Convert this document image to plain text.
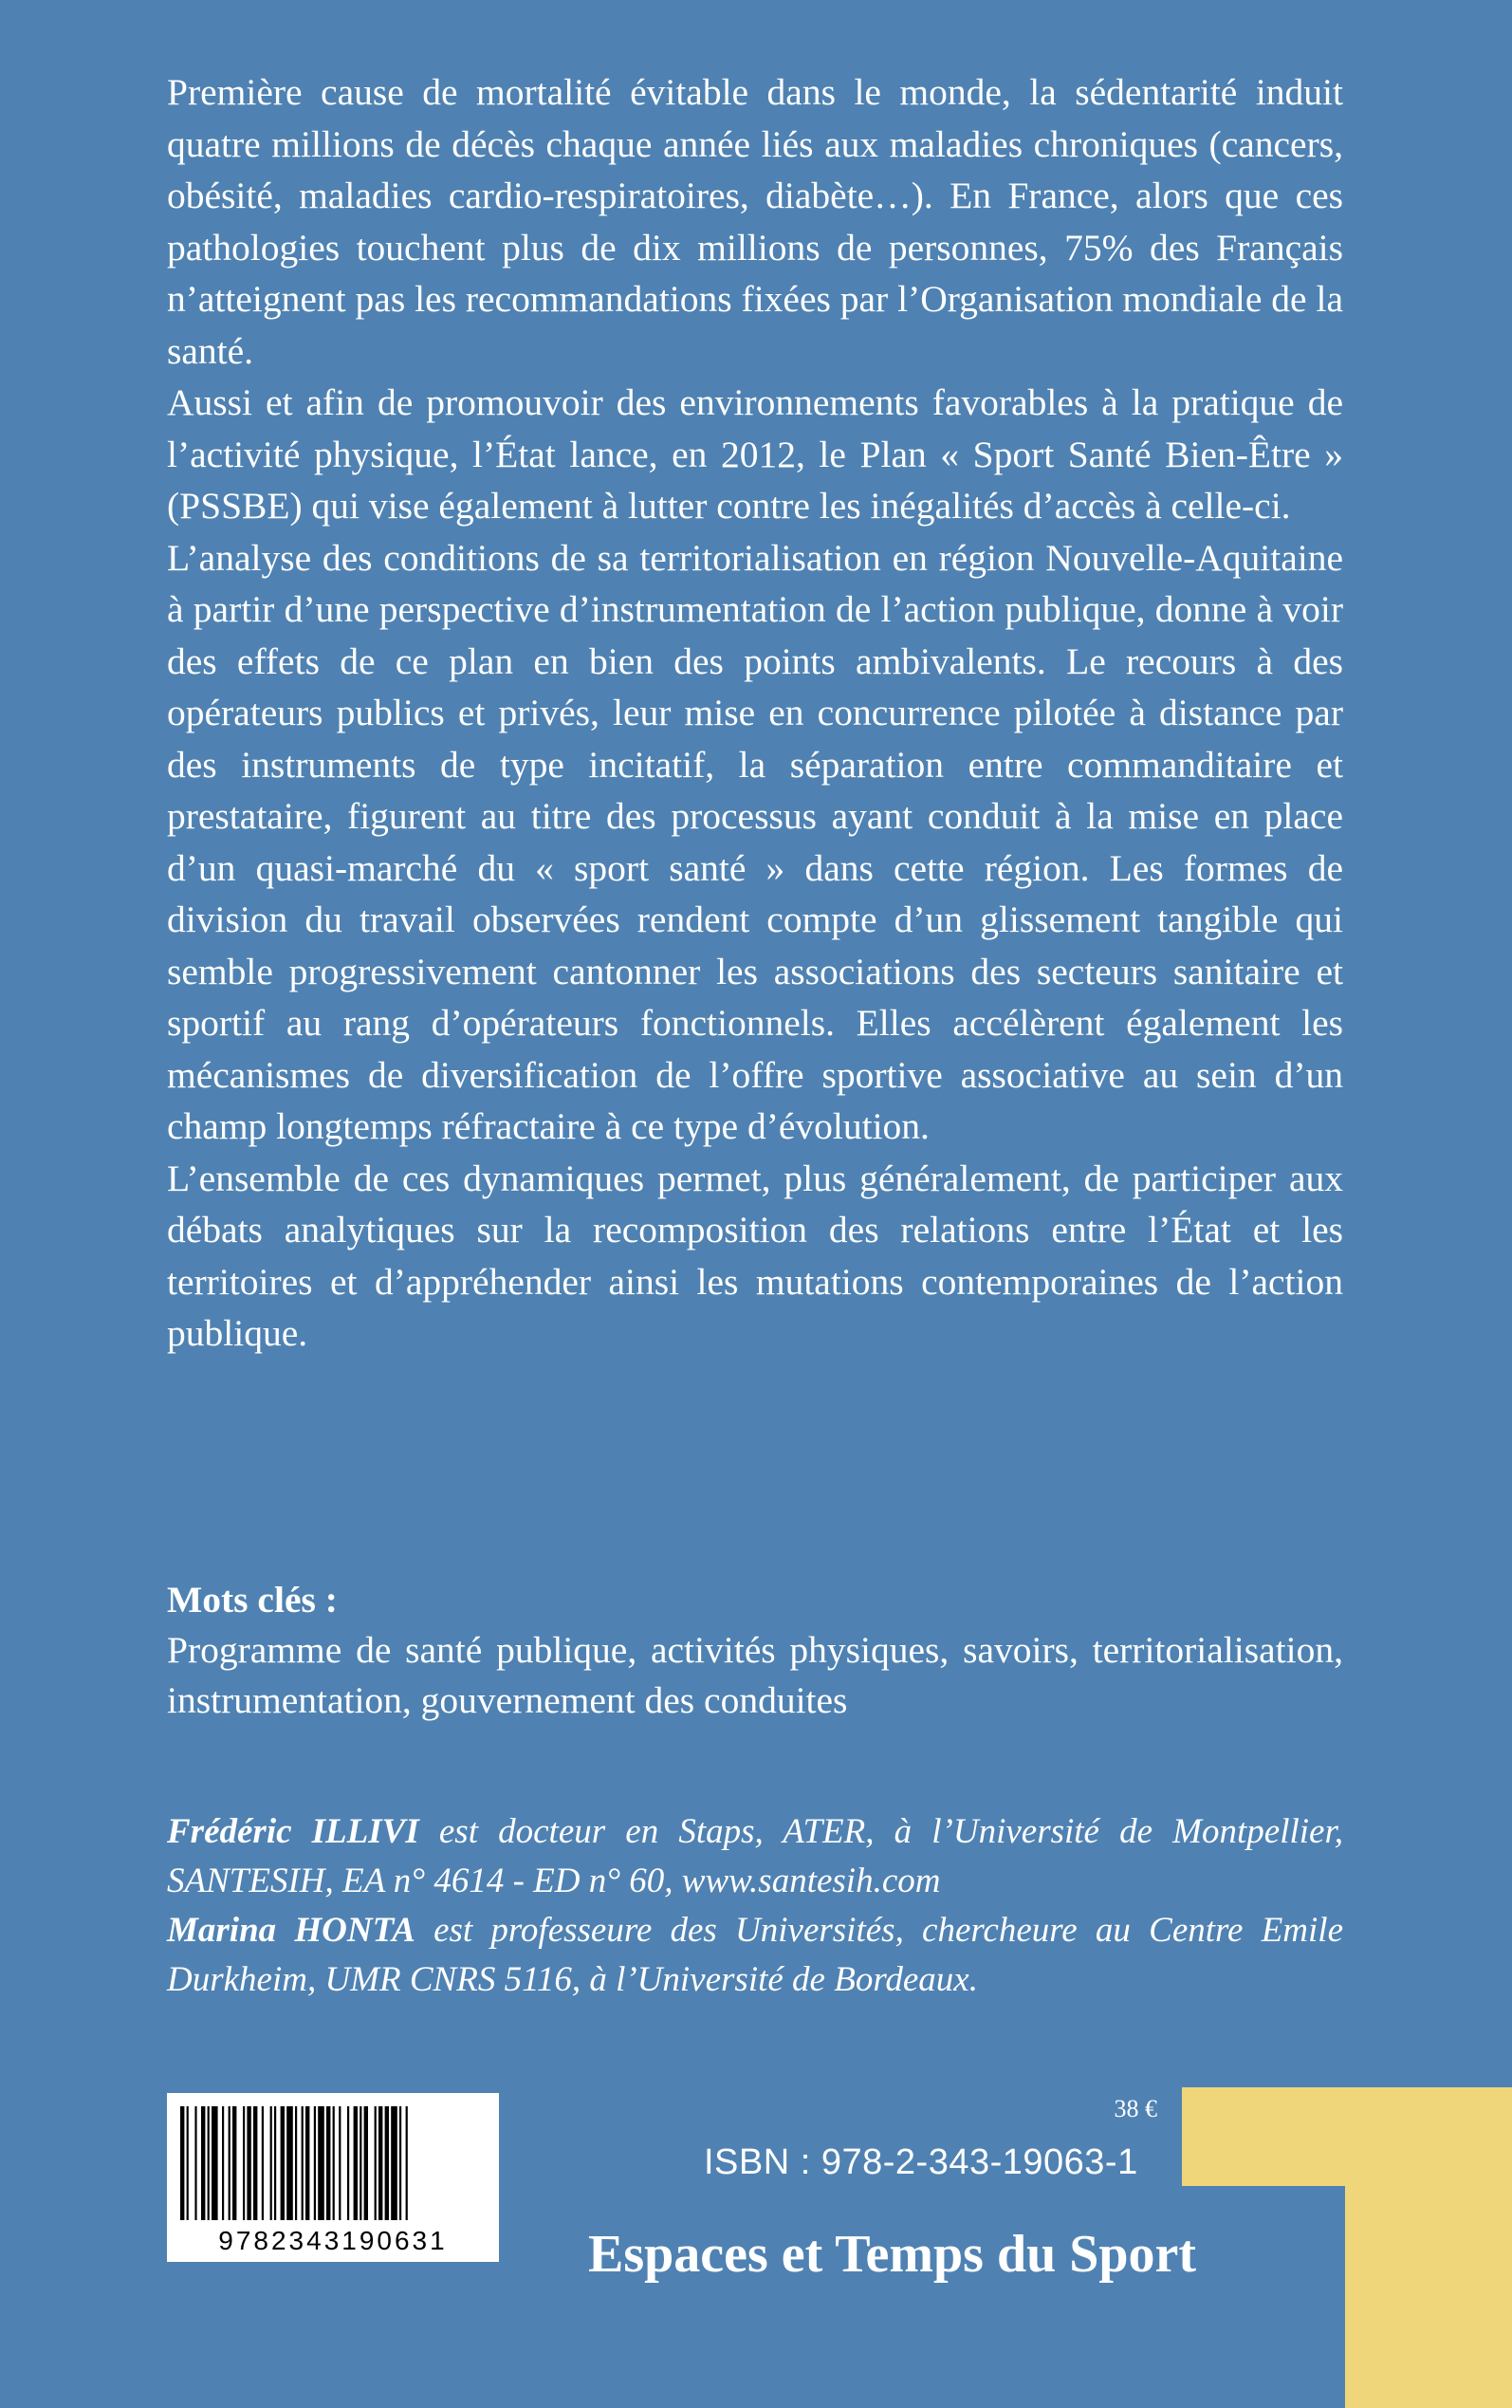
Première cause de mortalité évitable dans le monde, la sédentarité induit quatre millions de décès chaque année liés aux maladies chroniques (cancers, obésité, maladies cardio-respiratoires, diabète…). En France, alors que ces pathologies touchent plus de dix millions de personnes, 75% des Français n’atteignent pas les recommandations fixées par l’Organisation mondiale de la santé.

Aussi et afin de promouvoir des environnements favorables à la pratique de l’activité physique, l’État lance, en 2012, le Plan « Sport Santé Bien-Être » (PSSBE) qui vise également à lutter contre les inégalités d’accès à celle-ci.

L’analyse des conditions de sa territorialisation en région Nouvelle-Aquitaine à partir d’une perspective d’instrumentation de l’action publique, donne à voir des effets de ce plan en bien des points ambivalents. Le recours à des opérateurs publics et privés, leur mise en concurrence pilotée à distance par des instruments de type incitatif, la séparation entre commanditaire et prestataire, figurent au titre des processus ayant conduit à la mise en place d’un quasi-marché du « sport santé » dans cette région. Les formes de division du travail observées rendent compte d’un glissement tangible qui semble progressivement cantonner les associations des secteurs sanitaire et sportif au rang d’opérateurs fonctionnels. Elles accélèrent également les mécanismes de diversification de l’offre sportive associative au sein d’un champ longtemps réfractaire à ce type d’évolution.

L’ensemble de ces dynamiques permet, plus généralement, de participer aux débats analytiques sur la recomposition des relations entre l’État et les territoires et d’appréhender ainsi les mutations contemporaines de l’action publique.

Mots clés :
Programme de santé publique, activités physiques, savoirs, territorialisation, instrumentation, gouvernement des conduites

Frédéric ILLIVI est docteur en Staps, ATER, à l’Université de Montpellier, SANTESIH, EA n° 4614 - ED n° 60, www.santesih.com

Marina HONTA est professeure des Universités, chercheure au Centre Emile Durkheim, UMR CNRS 5116, à l’Université de Bordeaux.

9782343190631
38 €
ISBN : 978-2-343-19063-1
Espaces et Temps du Sport
